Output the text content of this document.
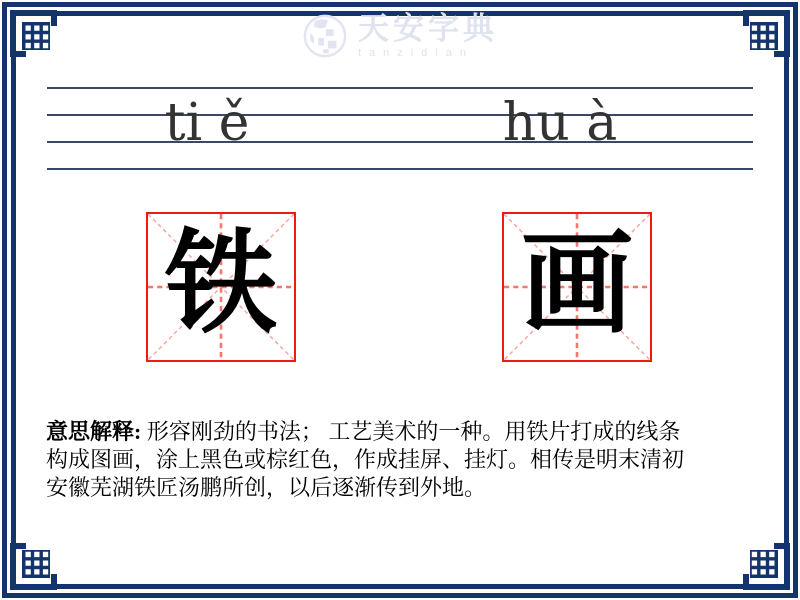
天安字典
tanzidian
ti ě	hu à
铁 画
意思解释: 形容刚劲的书法； 工艺美术的一种。用铁片打成的线条
构成图画，涂上黑色或棕红色，作成挂屏、挂灯。相传是明末清初
安徽芜湖铁匠汤鹏所创，以后逐渐传到外地。
